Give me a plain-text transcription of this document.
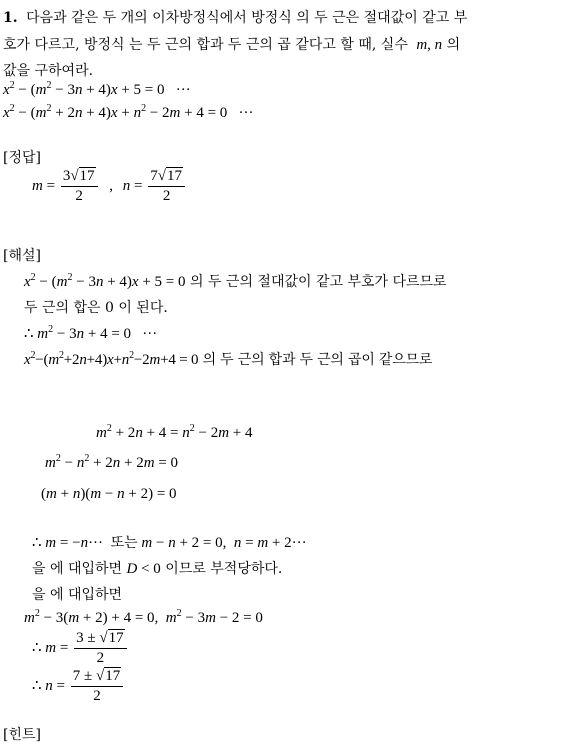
1. 다음과 같은 두 개의 이차방정식에서 방정식 의 두 근은 절대값이 같고 부
호가 다르고, 방정식 는 두 근의 합과 두 근의 곱 같다고 할 때, 실수 m, n 의
값을 구하여라.
$x^2 - (m^2 - 3n + 4)x + 5 = 0$   ···
$x^2 - (m^2 + 2n + 4)x + n^2 - 2m + 4 = 0$   ···
[정답]
$m = \frac{3√17}{2}$ , $n = \frac{7√17}{2}$
[해설]
$x^2 - (m^2 - 3n + 4)x + 5 = 0$ 의 두 근의 절대값이 같고 부호가 다르므로
두 근의 합은 0 이 된다.
∴ $m^2 - 3n + 4 = 0$   ···
$x^2-(m^2+2n+4)x+n^2-2m+4 = 0$ 의 두 근의 합과 두 근의 곱이 같으므로
$m^2 + 2n + 4 = n^2 - 2m + 4$
$m^2 - n^2 + 2n + 2m = 0$
(m + n)(m − n + 2) = 0
∴ m = −n···  또는 m − n + 2 = 0,  n = m + 2···
을 에 대입하면 D < 0 이므로 부적당하다.
을 에 대입하면
$m^2 - 3(m + 2) + 4 = 0$,  $m^2 - 3m - 2 = 0$
∴ $m = \frac{3 \pm √17}{2}$
∴ $n = \frac{7 \pm √17}{2}$
[힌트]
